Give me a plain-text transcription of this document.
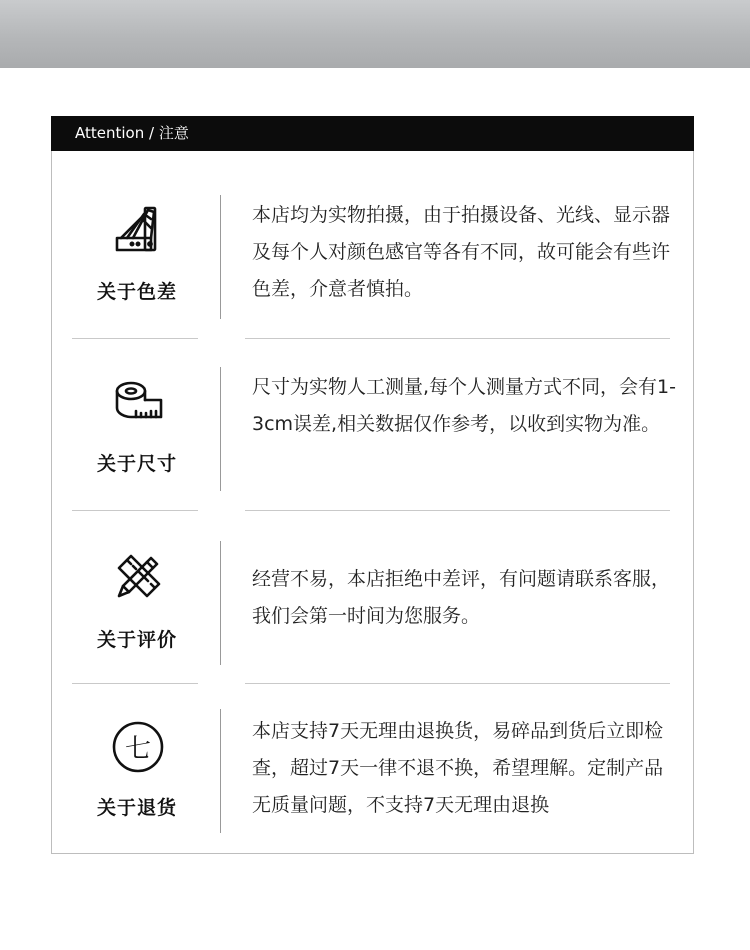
Attention / 注意
关于色差
本店均为实物拍摄，由于拍摄设备、光线、显示器及每个人对颜色感官等各有不同，故可能会有些许色差，介意者慎拍。
关于尺寸
尺寸为实物人工测量,每个人测量方式不同，会有1-3cm误差,相关数据仅作参考，以收到实物为准。
关于评价
经营不易，本店拒绝中差评，有问题请联系客服，我们会第一时间为您服务。
七
关于退货
本店支持7天无理由退换货，易碎品到货后立即检查，超过7天一律不退不换，希望理解。定制产品无质量问题，不支持7天无理由退换
